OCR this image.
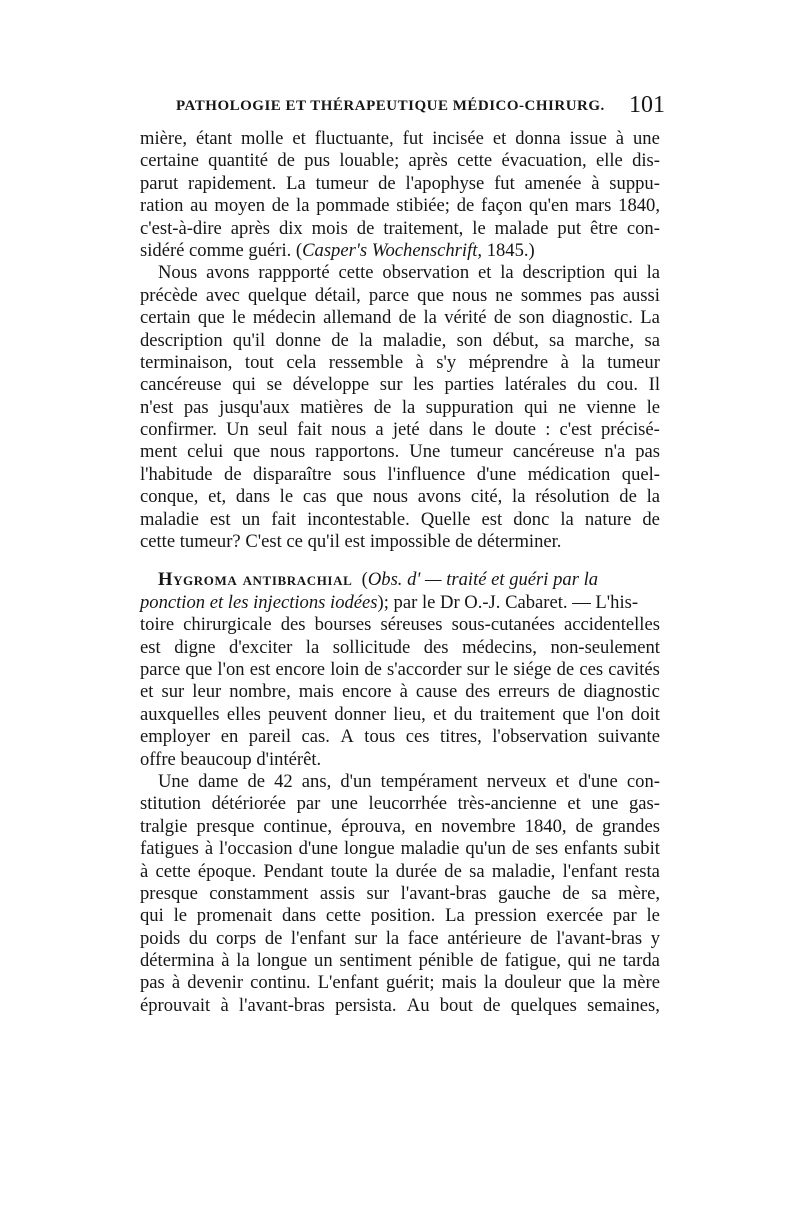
PATHOLOGIE ET THÉRAPEUTIQUE MÉDICO-CHIRURG. 101
mière, étant molle et fluctuante, fut incisée et donna issue à une
certaine quantité de pus louable; après cette évacuation, elle dis-
parut rapidement. La tumeur de l'apophyse fut amenée à suppu-
ration au moyen de la pommade stibiée; de façon qu'en mars 1840,
c'est-à-dire après dix mois de traitement, le malade put être con-
sidéré comme guéri. ( Casper's Wochenschrift, 1845.)
Nous avons rappporté cette observation et la description qui la
précède avec quelque détail, parce que nous ne sommes pas aussi
certain que le médecin allemand de la vérité de son diagnostic. La
description qu'il donne de la maladie, son début, sa marche, sa
terminaison, tout cela ressemble à s'y méprendre à la tumeur
cancéreuse qui se développe sur les parties latérales du cou. Il
n'est pas jusqu'aux matières de la suppuration qui ne vienne le
confirmer. Un seul fait nous a jeté dans le doute : c'est précisé-
ment celui que nous rapportons. Une tumeur cancéreuse n'a pas
l'habitude de disparaître sous l'influence d'une médication quel-
conque, et, dans le cas que nous avons cité, la résolution de la
maladie est un fait incontestable. Quelle est donc la nature de
cette tumeur? C'est ce qu'il est impossible de déterminer.
Hygroma antibrachial ( Obs. d' — traité et guéri par la
ponction et les injections iodées ); par le Dr O.-J. Cabaret. — L'his-
toire chirurgicale des bourses séreuses sous-cutanées accidentelles
est digne d'exciter la sollicitude des médecins, non-seulement
parce que l'on est encore loin de s'accorder sur le siége de ces cavités
et sur leur nombre, mais encore à cause des erreurs de diagnostic
auxquelles elles peuvent donner lieu, et du traitement que l'on doit
employer en pareil cas. A tous ces titres, l'observation suivante
offre beaucoup d'intérêt.
Une dame de 42 ans, d'un tempérament nerveux et d'une con-
stitution détériorée par une leucorrhée très-ancienne et une gas-
tralgie presque continue, éprouva, en novembre 1840, de grandes
fatigues à l'occasion d'une longue maladie qu'un de ses enfants subit
à cette époque. Pendant toute la durée de sa maladie, l'enfant resta
presque constamment assis sur l'avant-bras gauche de sa mère,
qui le promenait dans cette position. La pression exercée par le
poids du corps de l'enfant sur la face antérieure de l'avant-bras y
détermina à la longue un sentiment pénible de fatigue, qui ne tarda
pas à devenir continu. L'enfant guérit; mais la douleur que la mère
éprouvait à l'avant-bras persista. Au bout de quelques semaines,
